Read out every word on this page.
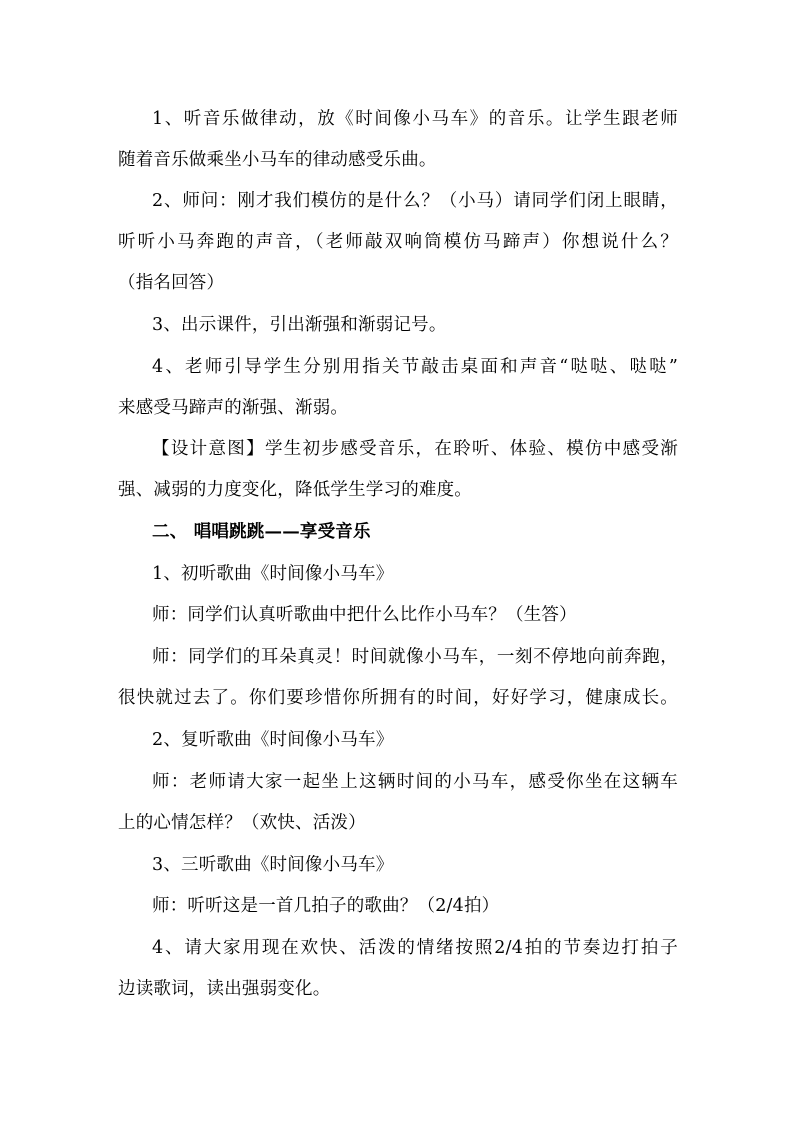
1、听音乐做律动，放《时间像小马车》的音乐。让学生跟老师
随着音乐做乘坐小马车的律动感受乐曲。
2、师问：刚才我们模仿的是什么？（小马）请同学们闭上眼睛，
听听小马奔跑的声音，（老师敲双响筒模仿马蹄声）你想说什么？
（指名回答）
3、出示课件，引出渐强和渐弱记号。
4、老师引导学生分别用指关节敲击桌面和声音“哒哒、哒哒”
来感受马蹄声的渐强、渐弱。
【设计意图】学生初步感受音乐，在聆听、体验、模仿中感受渐
强、减弱的力度变化，降低学生学习的难度。
二、 唱唱跳跳——享受音乐
1、初听歌曲《时间像小马车》
师：同学们认真听歌曲中把什么比作小马车？（生答）
师：同学们的耳朵真灵！时间就像小马车，一刻不停地向前奔跑，
很快就过去了。你们要珍惜你所拥有的时间，好好学习，健康成长。
2、复听歌曲《时间像小马车》
师：老师请大家一起坐上这辆时间的小马车，感受你坐在这辆车
上的心情怎样？（欢快、活泼）
3、三听歌曲《时间像小马车》
师：听听这是一首几拍子的歌曲？（2/4拍）
4、请大家用现在欢快、活泼的情绪按照2/4拍的节奏边打拍子
边读歌词，读出强弱变化。
